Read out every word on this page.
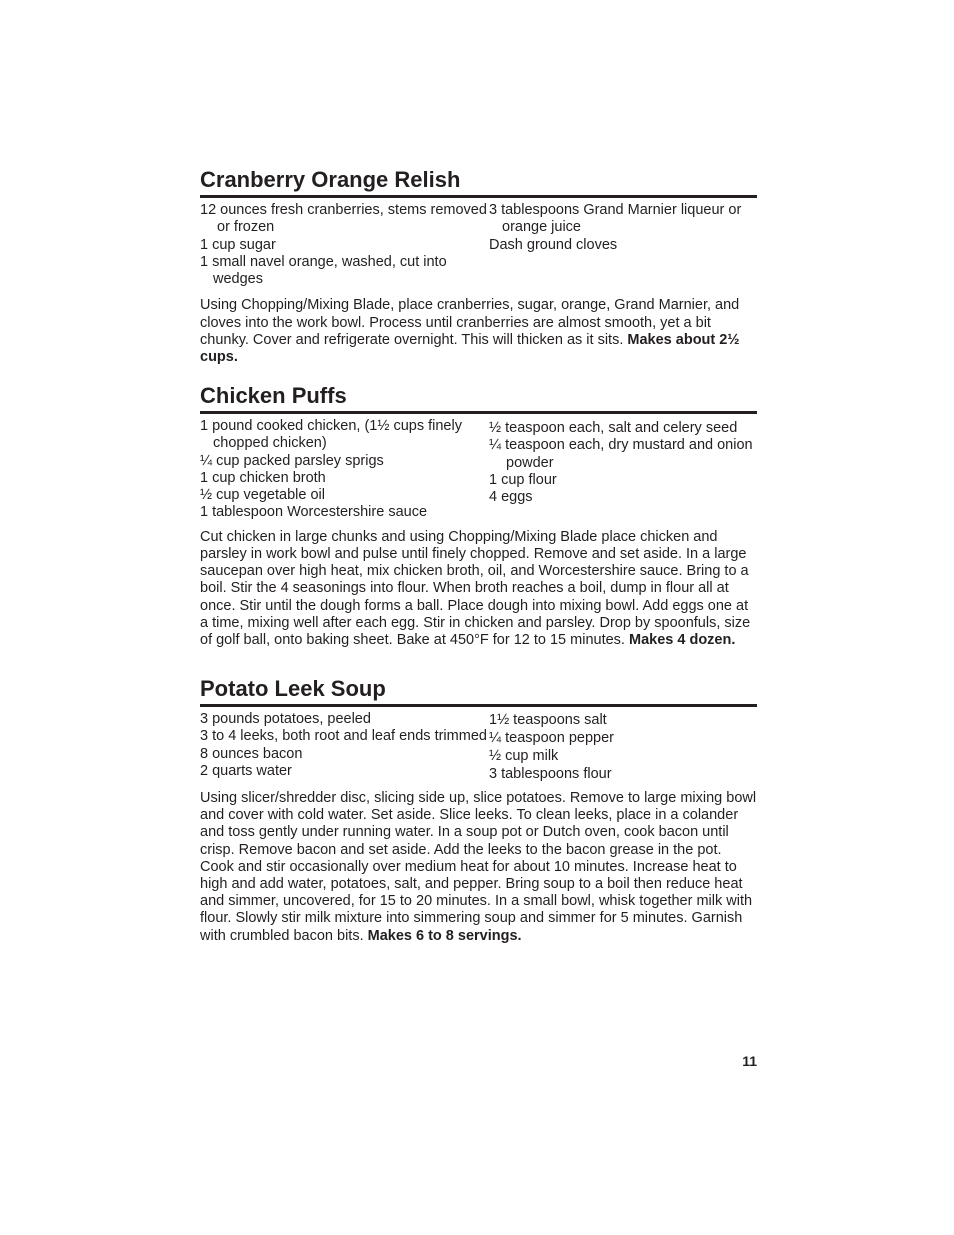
Cranberry Orange Relish

12 ounces fresh cranberries, stems removed or frozen

1 cup sugar

1 small navel orange, washed, cut into wedges

3 tablespoons Grand Marnier liqueur or orange juice

Dash ground cloves

Using Chopping/Mixing Blade, place cranberries, sugar, orange, Grand Marnier, and cloves into the work bowl. Process until cranberries are almost smooth, yet a bit chunky. Cover and refrigerate overnight. This will thicken as it sits. Makes about 2½ cups.

Chicken Puffs

1 pound cooked chicken, (1½ cups finely chopped chicken)

¼ cup packed parsley sprigs

1 cup chicken broth

½ cup vegetable oil

1 tablespoon Worcestershire sauce

½ teaspoon each, salt and celery seed

¼ teaspoon each, dry mustard and onion powder

1 cup flour

4 eggs

Cut chicken in large chunks and using Chopping/Mixing Blade place chicken and parsley in work bowl and pulse until finely chopped. Remove and set aside. In a large saucepan over high heat, mix chicken broth, oil, and Worcestershire sauce. Bring to a boil. Stir the 4 seasonings into flour. When broth reaches a boil, dump in flour all at once. Stir until the dough forms a ball. Place dough into mixing bowl. Add eggs one at a time, mixing well after each egg. Stir in chicken and parsley. Drop by spoonfuls, size of golf ball, onto baking sheet. Bake at 450°F for 12 to 15 minutes. Makes 4 dozen.

Potato Leek Soup

3 pounds potatoes, peeled

3 to 4 leeks, both root and leaf ends trimmed

8 ounces bacon

2 quarts water

1½ teaspoons salt

¼ teaspoon pepper

½ cup milk

3 tablespoons flour

Using slicer/shredder disc, slicing side up, slice potatoes. Remove to large mixing bowl and cover with cold water. Set aside. Slice leeks. To clean leeks, place in a colander and toss gently under running water. In a soup pot or Dutch oven, cook bacon until crisp. Remove bacon and set aside. Add the leeks to the bacon grease in the pot. Cook and stir occasionally over medium heat for about 10 minutes. Increase heat to high and add water, potatoes, salt, and pepper. Bring soup to a boil then reduce heat and simmer, uncovered, for 15 to 20 minutes. In a small bowl, whisk together milk with flour. Slowly stir milk mixture into simmering soup and simmer for 5 minutes. Garnish with crumbled bacon bits. Makes 6 to 8 servings.

11
